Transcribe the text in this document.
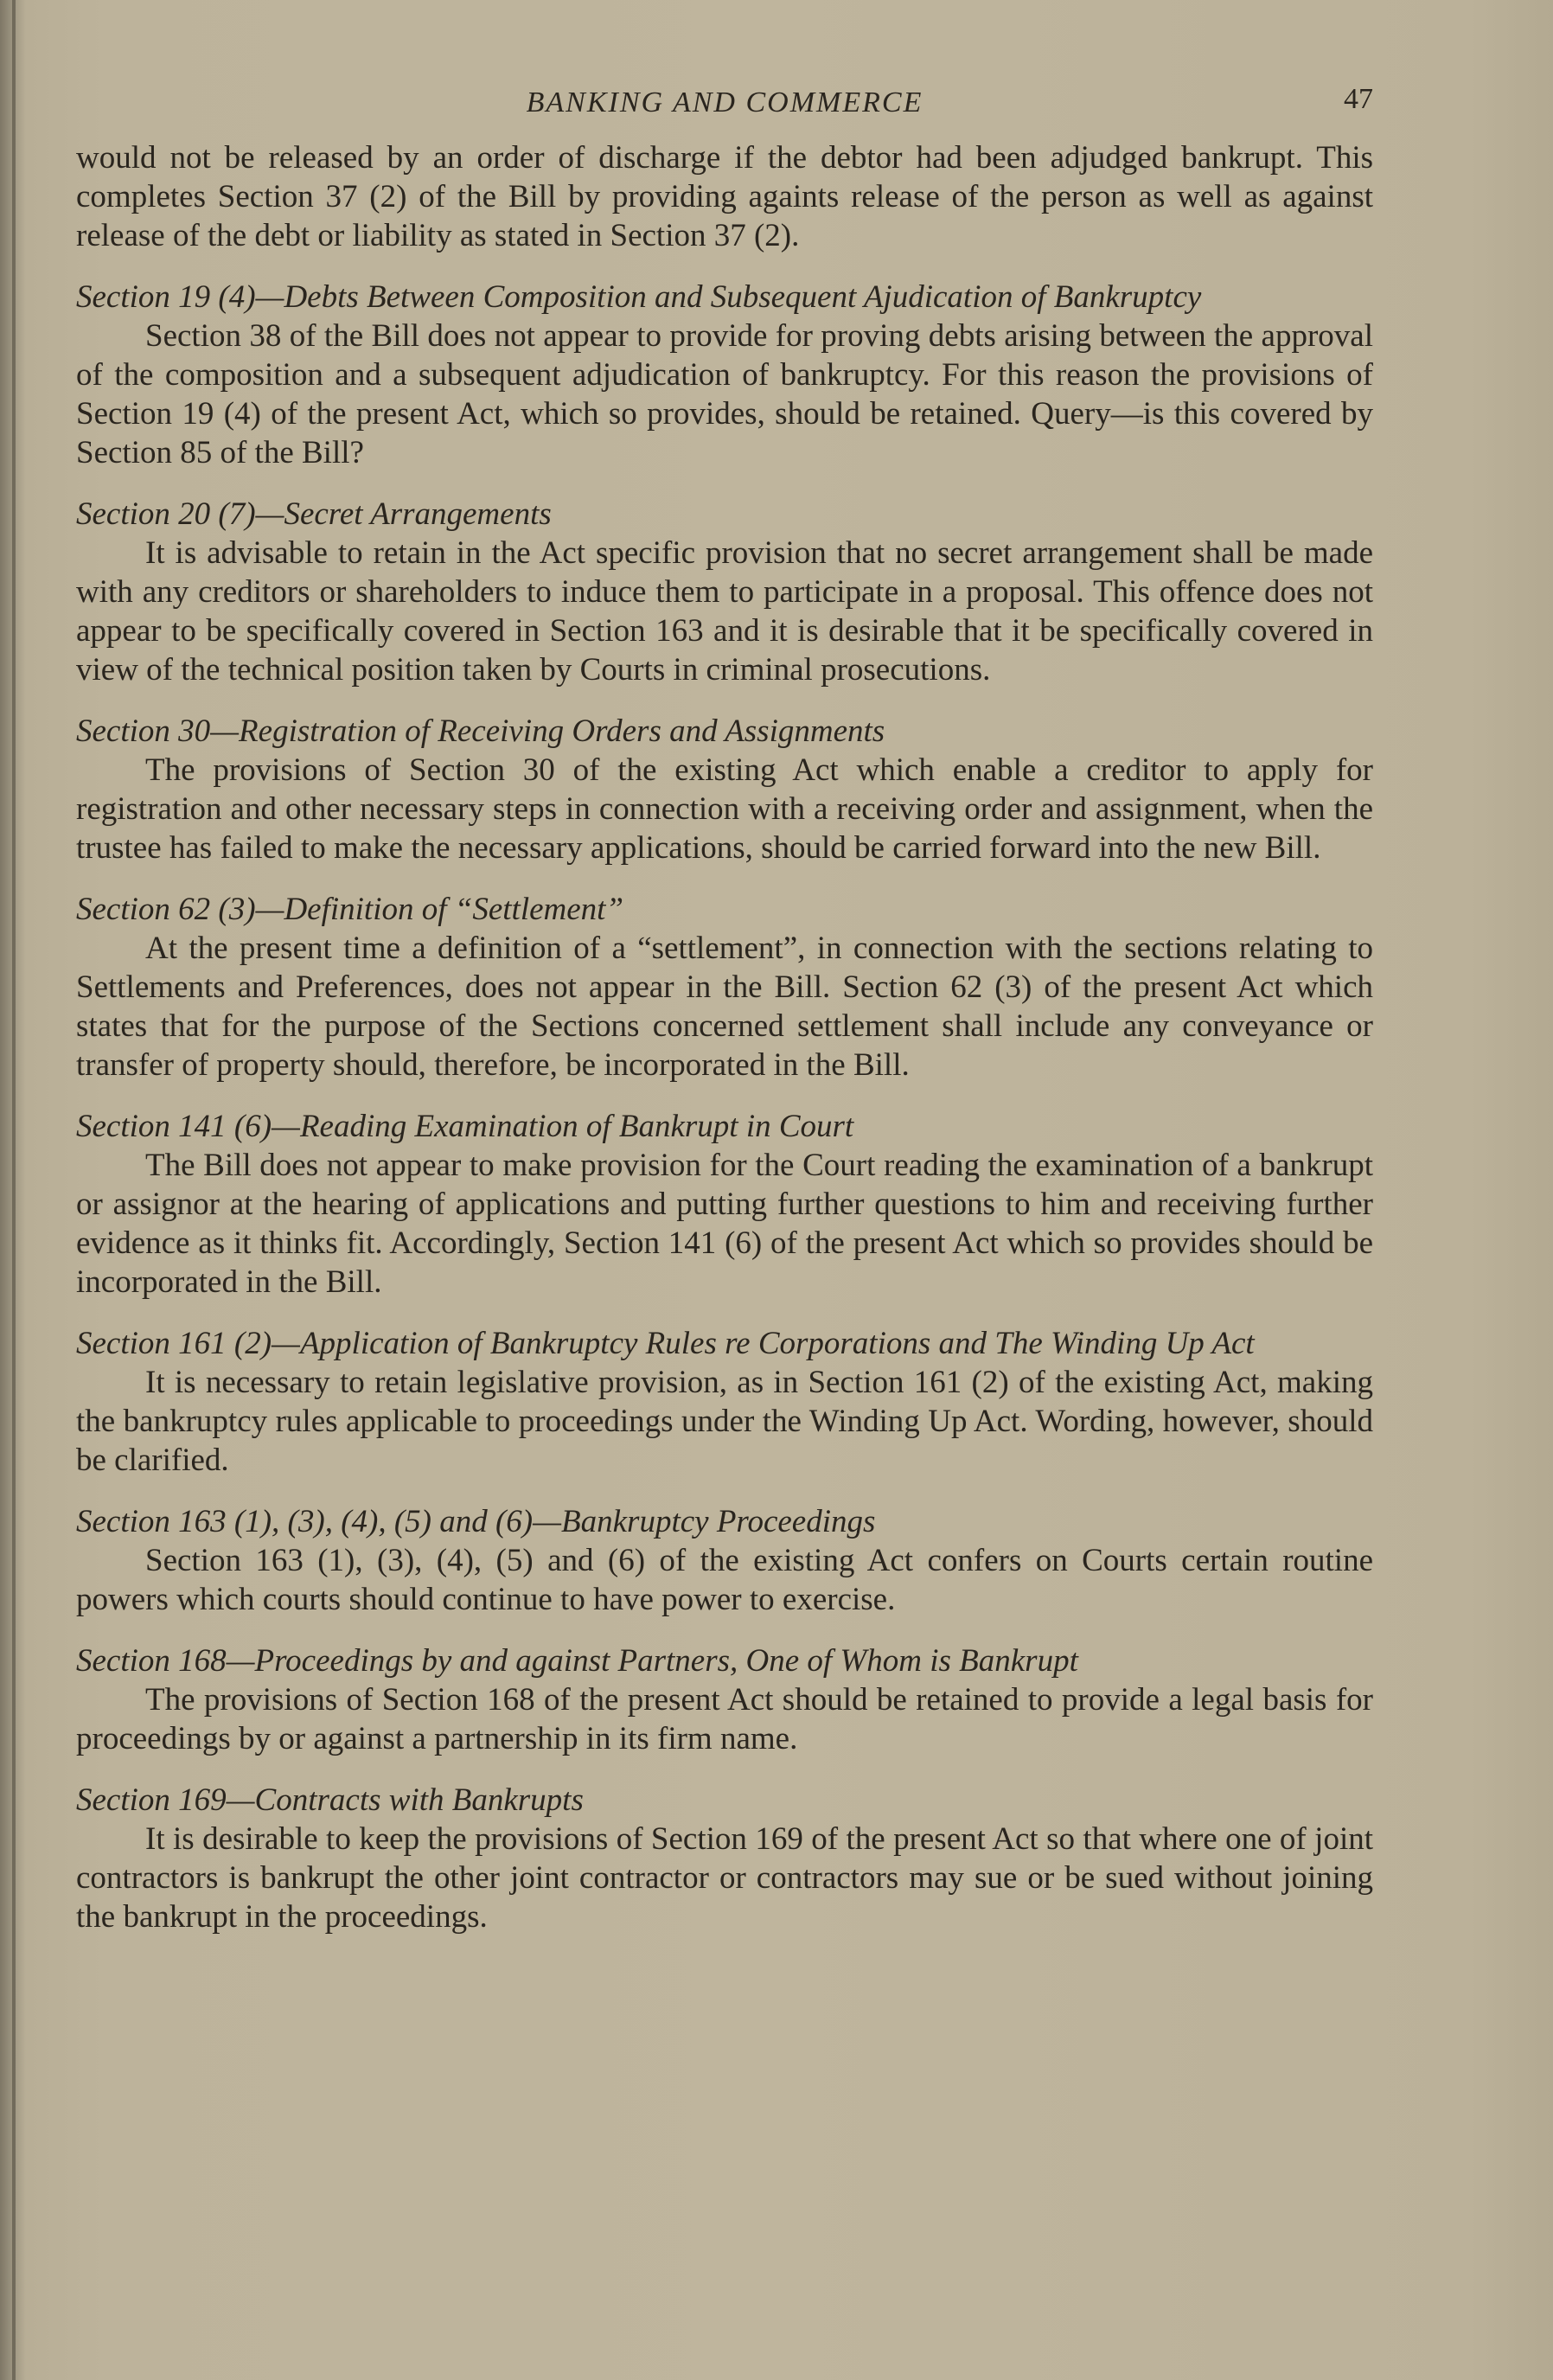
BANKING AND COMMERCE	47

would not be released by an order of discharge if the debtor had been adjudged bankrupt. This completes Section 37 (2) of the Bill by providing againts release of the person as well as against release of the debt or liability as stated in Section 37 (2).

Section 19 (4)—Debts Between Composition and Subsequent Ajudication of Bankruptcy

Section 38 of the Bill does not appear to provide for proving debts arising between the approval of the composition and a subsequent adjudication of bankruptcy. For this reason the provisions of Section 19 (4) of the present Act, which so provides, should be retained. Query—is this covered by Section 85 of the Bill?

Section 20 (7)—Secret Arrangements

It is advisable to retain in the Act specific provision that no secret arrangement shall be made with any creditors or shareholders to induce them to participate in a proposal. This offence does not appear to be specifically covered in Section 163 and it is desirable that it be specifically covered in view of the technical position taken by Courts in criminal prosecutions.

Section 30—Registration of Receiving Orders and Assignments

The provisions of Section 30 of the existing Act which enable a creditor to apply for registration and other necessary steps in connection with a receiving order and assignment, when the trustee has failed to make the necessary applications, should be carried forward into the new Bill.

Section 62 (3)—Definition of “Settlement”

At the present time a definition of a “settlement”, in connection with the sections relating to Settlements and Preferences, does not appear in the Bill. Section 62 (3) of the present Act which states that for the purpose of the Sections concerned settlement shall include any conveyance or transfer of property should, therefore, be incorporated in the Bill.

Section 141 (6)—Reading Examination of Bankrupt in Court

The Bill does not appear to make provision for the Court reading the examination of a bankrupt or assignor at the hearing of applications and putting further questions to him and receiving further evidence as it thinks fit. Accordingly, Section 141 (6) of the present Act which so provides should be incorporated in the Bill.

Section 161 (2)—Application of Bankruptcy Rules re Corporations and The Winding Up Act

It is necessary to retain legislative provision, as in Section 161 (2) of the existing Act, making the bankruptcy rules applicable to proceedings under the Winding Up Act. Wording, however, should be clarified.

Section 163 (1), (3), (4), (5) and (6)—Bankruptcy Proceedings

Section 163 (1), (3), (4), (5) and (6) of the existing Act confers on Courts certain routine powers which courts should continue to have power to exercise.

Section 168—Proceedings by and against Partners, One of Whom is Bankrupt

The provisions of Section 168 of the present Act should be retained to provide a legal basis for proceedings by or against a partnership in its firm name.

Section 169—Contracts with Bankrupts

It is desirable to keep the provisions of Section 169 of the present Act so that where one of joint contractors is bankrupt the other joint contractor or contractors may sue or be sued without joining the bankrupt in the proceedings.
